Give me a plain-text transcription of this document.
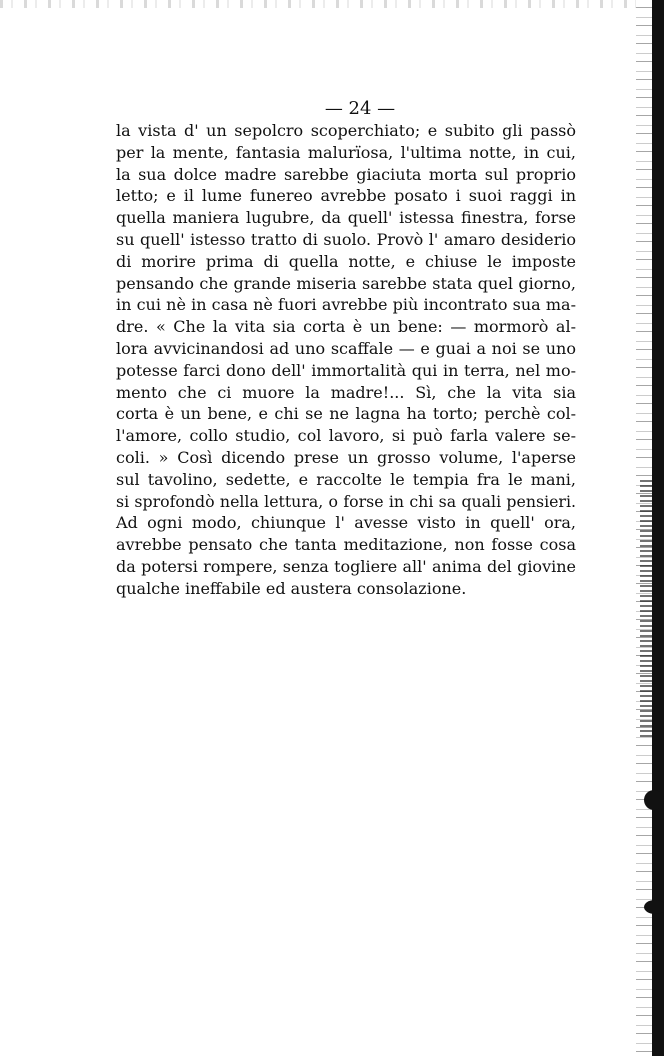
— 24 —
la vista d' un sepolcro scoperchiato; e subito gli passò
per la mente, fantasia malurïosa, l'ultima notte, in cui,
la sua dolce madre sarebbe giaciuta morta sul proprio
letto; e il lume funereo avrebbe posato i suoi raggi in
quella maniera lugubre, da quell' istessa finestra, forse
su quell' istesso tratto di suolo. Provò l' amaro desiderio
di morire prima di quella notte, e chiuse le imposte
pensando che grande miseria sarebbe stata quel giorno,
in cui nè in casa nè fuori avrebbe più incontrato sua ma-
dre. « Che la vita sia corta è un bene: — mormorò al-
lora avvicinandosi ad uno scaffale — e guai a noi se uno
potesse farci dono dell' immortalità qui in terra, nel mo-
mento che ci muore la madre!... Sì, che la vita sia
corta è un bene, e chi se ne lagna ha torto; perchè col-
l'amore, collo studio, col lavoro, si può farla valere se-
coli. » Così dicendo prese un grosso volume, l'aperse
sul tavolino, sedette, e raccolte le tempia fra le mani,
si sprofondò nella lettura, o forse in chi sa quali pensieri.
Ad ogni modo, chiunque l' avesse visto in quell' ora,
avrebbe pensato che tanta meditazione, non fosse cosa
da potersi rompere, senza togliere all' anima del giovine
qualche ineffabile ed austera consolazione.
